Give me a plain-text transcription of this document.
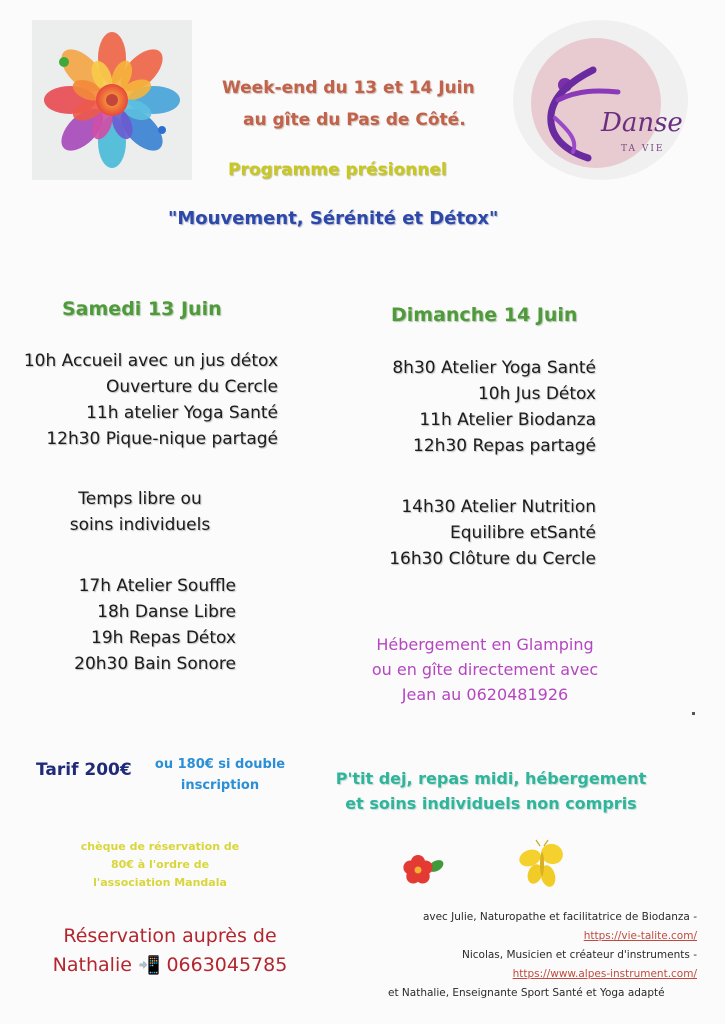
Danse
TA VIE
Week-end du 13 et 14 Juin
au gîte du Pas de Côté.
Programme présionnel
"Mouvement, Sérénité et Détox"
Samedi 13 Juin
10h Accueil avec un jus détox
Ouverture du Cercle
11h atelier Yoga Santé
12h30 Pique-nique partagé
Temps libre ou
soins individuels
17h Atelier Souffle
18h Danse Libre
19h Repas Détox
20h30 Bain Sonore
Dimanche 14 Juin
8h30 Atelier Yoga Santé
10h Jus Détox
11h Atelier Biodanza
12h30 Repas partagé
14h30 Atelier Nutrition
Equilibre etSanté
16h30 Clôture du Cercle
Hébergement en Glamping
ou en gîte directement avec
Jean au 0620481926
Tarif 200€	ou 180€ si double
inscription	P'tit dej, repas midi, hébergement
et soins individuels non compris
chèque de réservation de
80€ à l'ordre de
l'association Mandala
Réservation auprès de
Nathalie 📲 0663045785
avec Julie, Naturopathe et facilitatrice de Biodanza -
https://vie-talite.com/
Nicolas, Musicien et créateur d'instruments -
https://www.alpes-instrument.com/
et Nathalie, Enseignante Sport Santé et Yoga adapté
